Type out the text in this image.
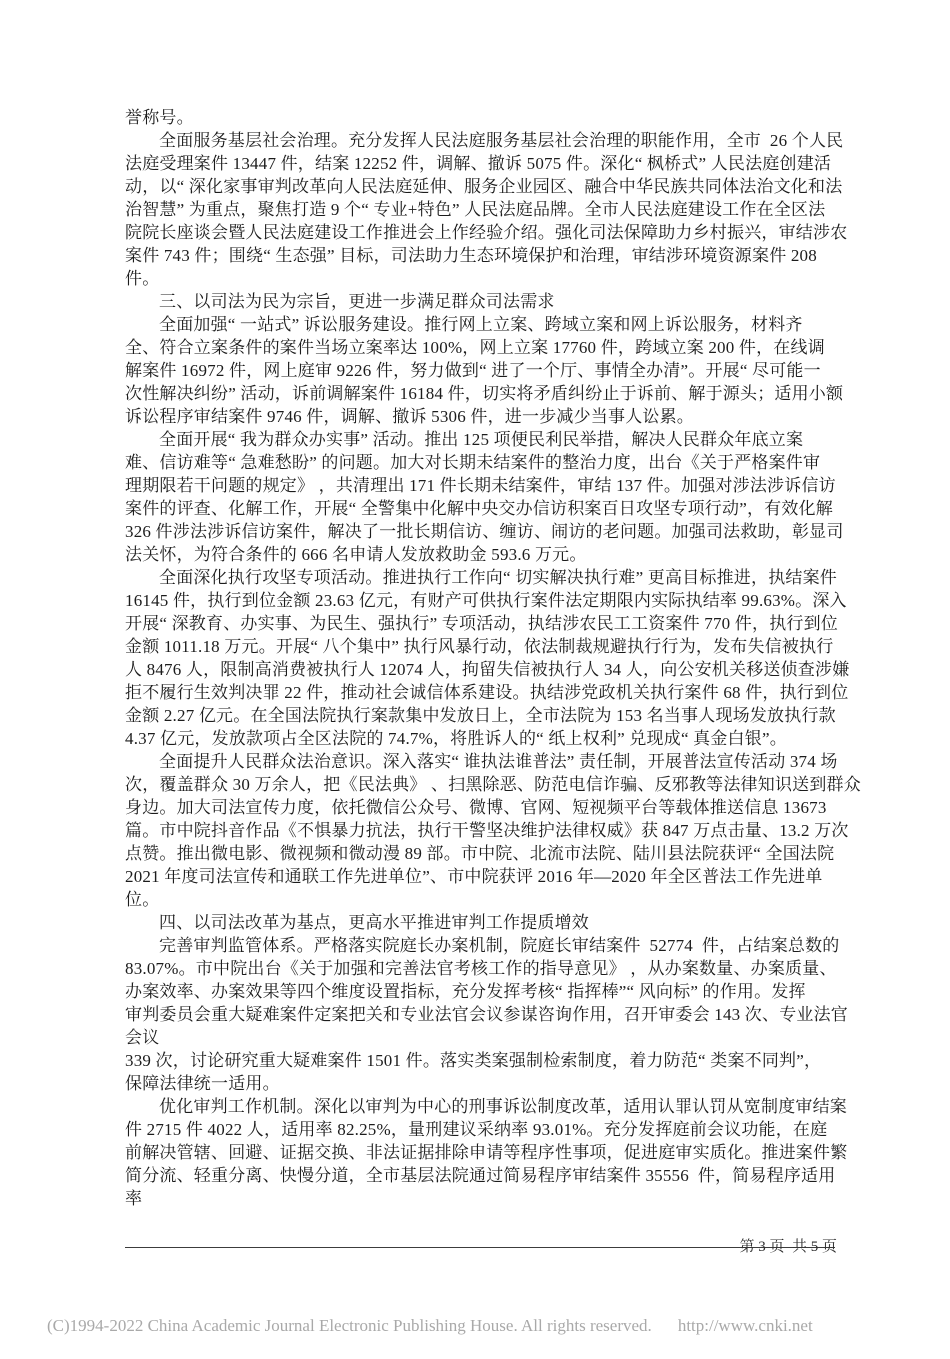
誉称号。
全面服务基层社会治理。充分发挥人民法庭服务基层社会治理的职能作用，全市  26 个人民
法庭受理案件 13447 件，结案 12252 件，调解、撤诉 5075 件。深化“ 枫桥式” 人民法庭创建活
动，以“ 深化家事审判改革向人民法庭延伸、服务企业园区、融合中华民族共同体法治文化和法
治智慧” 为重点，聚焦打造 9 个“ 专业+特色” 人民法庭品牌。全市人民法庭建设工作在全区法
院院长座谈会暨人民法庭建设工作推进会上作经验介绍。强化司法保障助力乡村振兴，审结涉农
案件 743 件；围绕“ 生态强” 目标，司法助力生态环境保护和治理，审结涉环境资源案件 208
件。
三、以司法为民为宗旨，更进一步满足群众司法需求
全面加强“ 一站式” 诉讼服务建设。推行网上立案、跨域立案和网上诉讼服务，材料齐
全、符合立案条件的案件当场立案率达 100%，网上立案 17760 件，跨域立案 200 件，在线调
解案件 16972 件，网上庭审 9226 件，努力做到“ 进了一个厅、事情全办清”。开展“ 尽可能一
次性解决纠纷” 活动，诉前调解案件 16184 件，切实将矛盾纠纷止于诉前、解于源头；适用小额
诉讼程序审结案件 9746 件，调解、撤诉 5306 件，进一步减少当事人讼累。
全面开展“ 我为群众办实事” 活动。推出 125 项便民利民举措，解决人民群众年底立案
难、信访难等“ 急难愁盼” 的问题。加大对长期未结案件的整治力度，出台《关于严格案件审
理期限若干问题的规定》 ，共清理出 171 件长期未结案件，审结 137 件。加强对涉法涉诉信访
案件的评查、化解工作，开展“ 全警集中化解中央交办信访积案百日攻坚专项行动”，有效化解
326 件涉法涉诉信访案件，解决了一批长期信访、缠访、闹访的老问题。加强司法救助，彰显司
法关怀，为符合条件的 666 名申请人发放救助金 593.6 万元。
全面深化执行攻坚专项活动。推进执行工作向“ 切实解决执行难” 更高目标推进，执结案件
16145 件，执行到位金额 23.63 亿元，有财产可供执行案件法定期限内实际执结率 99.63%。深入
开展“ 深教育、办实事、为民生、强执行” 专项活动，执结涉农民工工资案件 770 件，执行到位
金额 1011.18 万元。开展“ 八个集中” 执行风暴行动，依法制裁规避执行行为，发布失信被执行
人 8476 人，限制高消费被执行人 12074 人，拘留失信被执行人 34 人，向公安机关移送侦查涉嫌
拒不履行生效判决罪 22 件，推动社会诚信体系建设。执结涉党政机关执行案件 68 件，执行到位
金额 2.27 亿元。在全国法院执行案款集中发放日上，全市法院为 153 名当事人现场发放执行款
4.37 亿元，发放款项占全区法院的 74.7%，将胜诉人的“ 纸上权利” 兑现成“ 真金白银”。
全面提升人民群众法治意识。深入落实“ 谁执法谁普法” 责任制，开展普法宣传活动 374 场
次，覆盖群众 30 万余人，把《民法典》 、扫黑除恶、防范电信诈骗、反邪教等法律知识送到群众
身边。加大司法宣传力度，依托微信公众号、微博、官网、短视频平台等载体推送信息 13673
篇。市中院抖音作品《不惧暴力抗法，执行干警坚决维护法律权威》获 847 万点击量、13.2 万次
点赞。推出微电影、微视频和微动漫 89 部。市中院、北流市法院、陆川县法院获评“ 全国法院
2021 年度司法宣传和通联工作先进单位”、市中院获评 2016 年—2020 年全区普法工作先进单
位。
四、以司法改革为基点，更高水平推进审判工作提质增效
完善审判监管体系。严格落实院庭长办案机制，院庭长审结案件  52774  件，占结案总数的
83.07%。市中院出台《关于加强和完善法官考核工作的指导意见》 ，从办案数量、办案质量、
办案效率、办案效果等四个维度设置指标，充分发挥考核“ 指挥棒”“ 风向标” 的作用。发挥
审判委员会重大疑难案件定案把关和专业法官会议参谋咨询作用，召开审委会 143 次、专业法官
会议
339 次，讨论研究重大疑难案件 1501 件。落实类案强制检索制度，着力防范“ 类案不同判”，
保障法律统一适用。
优化审判工作机制。深化以审判为中心的刑事诉讼制度改革，适用认罪认罚从宽制度审结案
件 2715 件 4022 人，适用率 82.25%，量刑建议采纳率 93.01%。充分发挥庭前会议功能，在庭
前解决管辖、回避、证据交换、非法证据排除申请等程序性事项，促进庭审实质化。推进案件繁
简分流、轻重分离、快慢分道，全市基层法院通过简易程序审结案件 35556  件，简易程序适用
率
第 3 页  共 5 页

(C)1994-2022 China Academic Journal Electronic Publishing House. All rights reserved. http://www.cnki.net
